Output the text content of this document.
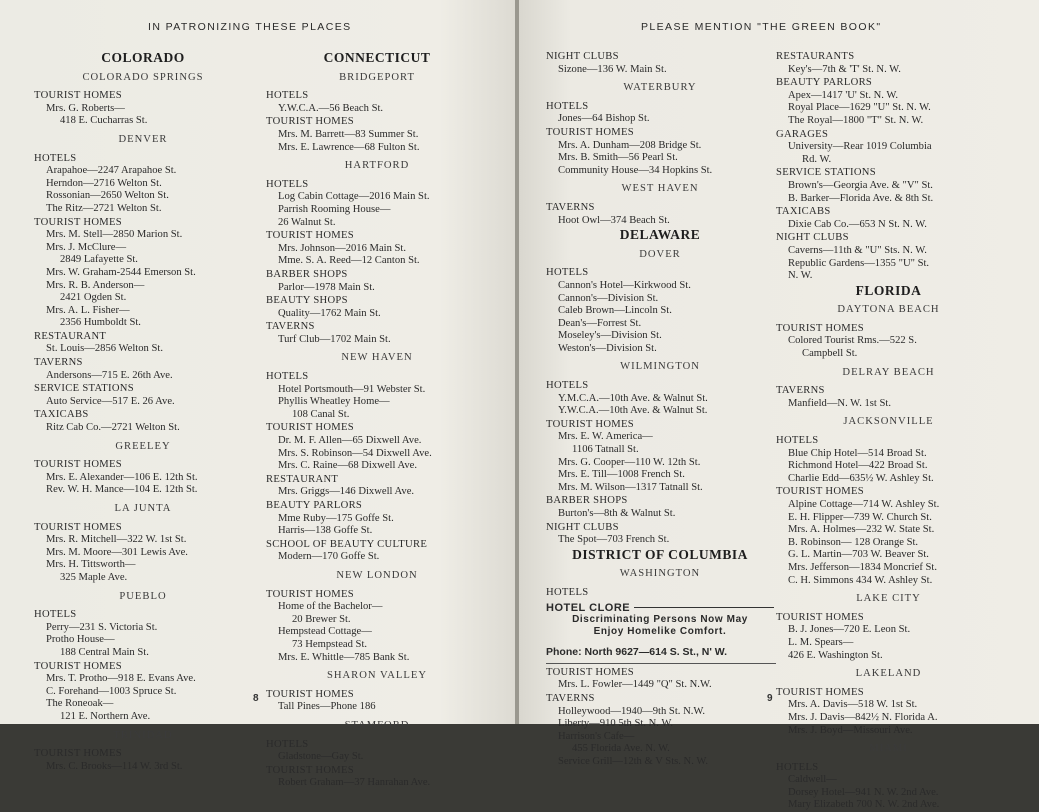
IN PATRONIZING THESE PLACES
COLORADO
COLORADO SPRINGS
TOURIST HOMES
Mrs. G. Roberts—
418 E. Cucharras St.
DENVER
HOTELS
Arapahoe—2247 Arapahoe St.
Herndon—2716 Welton St.
Rossonian—2650 Welton St.
The Ritz—2721 Welton St.
TOURIST HOMES
Mrs. M. Stell—2850 Marion St.
Mrs. J. McClure—
2849 Lafayette St.
Mrs. W. Graham-2544 Emerson St.
Mrs. R. B. Anderson—
2421 Ogden St.
Mrs. A. L. Fisher—
2356 Humboldt St.
RESTAURANT
St. Louis—2856 Welton St.
TAVERNS
Andersons—715 E. 26th Ave.
SERVICE STATIONS
Auto Service—517 E. 26 Ave.
TAXICABS
Ritz Cab Co.—2721 Welton St.
GREELEY
TOURIST HOMES
Mrs. E. Alexander—106 E. 12th St.
Rev. W. H. Mance—104 E. 12th St.
LA JUNTA
TOURIST HOMES
Mrs. R. Mitchell—322 W. 1st St.
Mrs. M. Moore—301 Lewis Ave.
Mrs. H. Tittsworth—
325 Maple Ave.
PUEBLO
HOTELS
Perry—231 S. Victoria St.
Protho House—
188 Central Main St.
TOURIST HOMES
Mrs. T. Protho—918 E. Evans Ave.
C. Forehand—1003 Spruce St.
The Roneoak—
121 E. Northern Ave.
TRINIDAD
TOURIST HOMES
Mrs. C. Brooks—114 W. 3rd St.
CONNECTICUT
BRIDGEPORT
HOTELS
Y.W.C.A.—56 Beach St.
TOURIST HOMES
Mrs. M. Barrett—83 Summer St.
Mrs. E. Lawrence—68 Fulton St.
HARTFORD
HOTELS
Log Cabin Cottage—2016 Main St.
Parrish Rooming House—
26 Walnut St.
TOURIST HOMES
Mrs. Johnson—2016 Main St.
Mme. S. A. Reed—12 Canton St.
BARBER SHOPS
Parlor—1978 Main St.
BEAUTY SHOPS
Quality—1762 Main St.
TAVERNS
Turf Club—1702 Main St.
NEW HAVEN
HOTELS
Hotel Portsmouth—91 Webster St.
Phyllis Wheatley Home—
108 Canal St.
TOURIST HOMES
Dr. M. F. Allen—65 Dixwell Ave.
Mrs. S. Robinson—54 Dixwell Ave.
Mrs. C. Raine—68 Dixwell Ave.
RESTAURANT
Mrs. Griggs—146 Dixwell Ave.
BEAUTY PARLORS
Mme Ruby—175 Goffe St.
Harris—138 Goffe St.
SCHOOL OF BEAUTY CULTURE
Modern—170 Goffe St.
NEW LONDON
TOURIST HOMES
Home of the Bachelor—
20 Brewer St.
Hempstead Cottage—
73 Hempstead St.
Mrs. E. Whittle—785 Bank St.
SHARON VALLEY
TOURIST HOMES
Tall Pines—Phone 186
STAMFORD
HOTELS
Gladstone—Gay St.
TOURIST HOMES
Robert Graham—37 Hanrahan Ave.
8
PLEASE MENTION "THE GREEN BOOK"
NIGHT CLUBS
Sizone—136 W. Main St.
WATERBURY
HOTELS
Jones—64 Bishop St.
TOURIST HOMES
Mrs. A. Dunham—208 Bridge St.
Mrs. B. Smith—56 Pearl St.
Community House—34 Hopkins St.
WEST HAVEN
TAVERNS
Hoot Owl—374 Beach St.
DELAWARE
DOVER
HOTELS
Cannon's Hotel—Kirkwood St.
Cannon's—Division St.
Caleb Brown—Lincoln St.
Dean's—Forrest St.
Moseley's—Division St.
Weston's—Division St.
WILMINGTON
HOTELS
Y.M.C.A.—10th Ave. & Walnut St.
Y.W.C.A.—10th Ave. & Walnut St.
TOURIST HOMES
Mrs. E. W. America—
1106 Tatnall St.
Mrs. G. Cooper—110 W. 12th St.
Mrs. E. Till—1008 French St.
Mrs. M. Wilson—1317 Tatnall St.
BARBER SHOPS
Burton's—8th & Walnut St.
NIGHT CLUBS
The Spot—703 French St.
DISTRICT OF COLUMBIA
WASHINGTON
HOTELS
HOTEL CLORE
Discriminating Persons Now May
Enjoy Homelike Comfort.
Phone: North 9627—614 S. St., N' W.
TOURIST HOMES
Mrs. L. Fowler—1449 "Q" St. N.W.
TAVERNS
Holleywood—1940—9th St. N.W.
Liberty—910 5th St. N. W.
Harrison's Cafe—
455 Florida Ave. N. W.
Service Grill—12th & V Sts. N. W.
RESTAURANTS
Key's—7th & 'T' St. N. W.
BEAUTY PARLORS
Apex—1417 'U' St. N. W.
Royal Place—1629 "U" St. N. W.
The Royal—1800 "T" St. N. W.
GARAGES
University—Rear 1019 Columbia
Rd. W.
SERVICE STATIONS
Brown's—Georgia Ave. & "V" St.
B. Barker—Florida Ave. & 8th St.
TAXICABS
Dixie Cab Co.—653 N St. N. W.
NIGHT CLUBS
Caverns—11th & "U" Sts. N. W.
Republic Gardens—1355 "U" St.
N. W.
FLORIDA
DAYTONA BEACH
TOURIST HOMES
Colored Tourist Rms.—522 S.
Campbell St.
DELRAY BEACH
TAVERNS
Manfield—N. W. 1st St.
JACKSONVILLE
HOTELS
Blue Chip Hotel—514 Broad St.
Richmond Hotel—422 Broad St.
Charlie Edd—635½ W. Ashley St.
TOURIST HOMES
Alpine Cottage—714 W. Ashley St.
E. H. Flipper—739 W. Church St.
Mrs. A. Holmes—232 W. State St.
B. Robinson— 128 Orange St.
G. L. Martin—703 W. Beaver St.
Mrs. Jefferson—1834 Moncrief St.
C. H. Simmons 434 W. Ashley St.
LAKE CITY
TOURIST HOMES
B. J. Jones—720 E. Leon St.
L. M. Spears—
426 E. Washington St.
LAKELAND
TOURIST HOMES
Mrs. A. Davis—518 W. 1st St.
Mrs. J. Davis—842½ N. Florida A.
Mrs. J. Boyd—Missouri Ave.
MIAMI
HOTELS
Caldwell—
Dorsey Hotel—941 N. W. 2nd Ave.
Mary Elizabeth 700 N. W. 2nd Ave.
9
